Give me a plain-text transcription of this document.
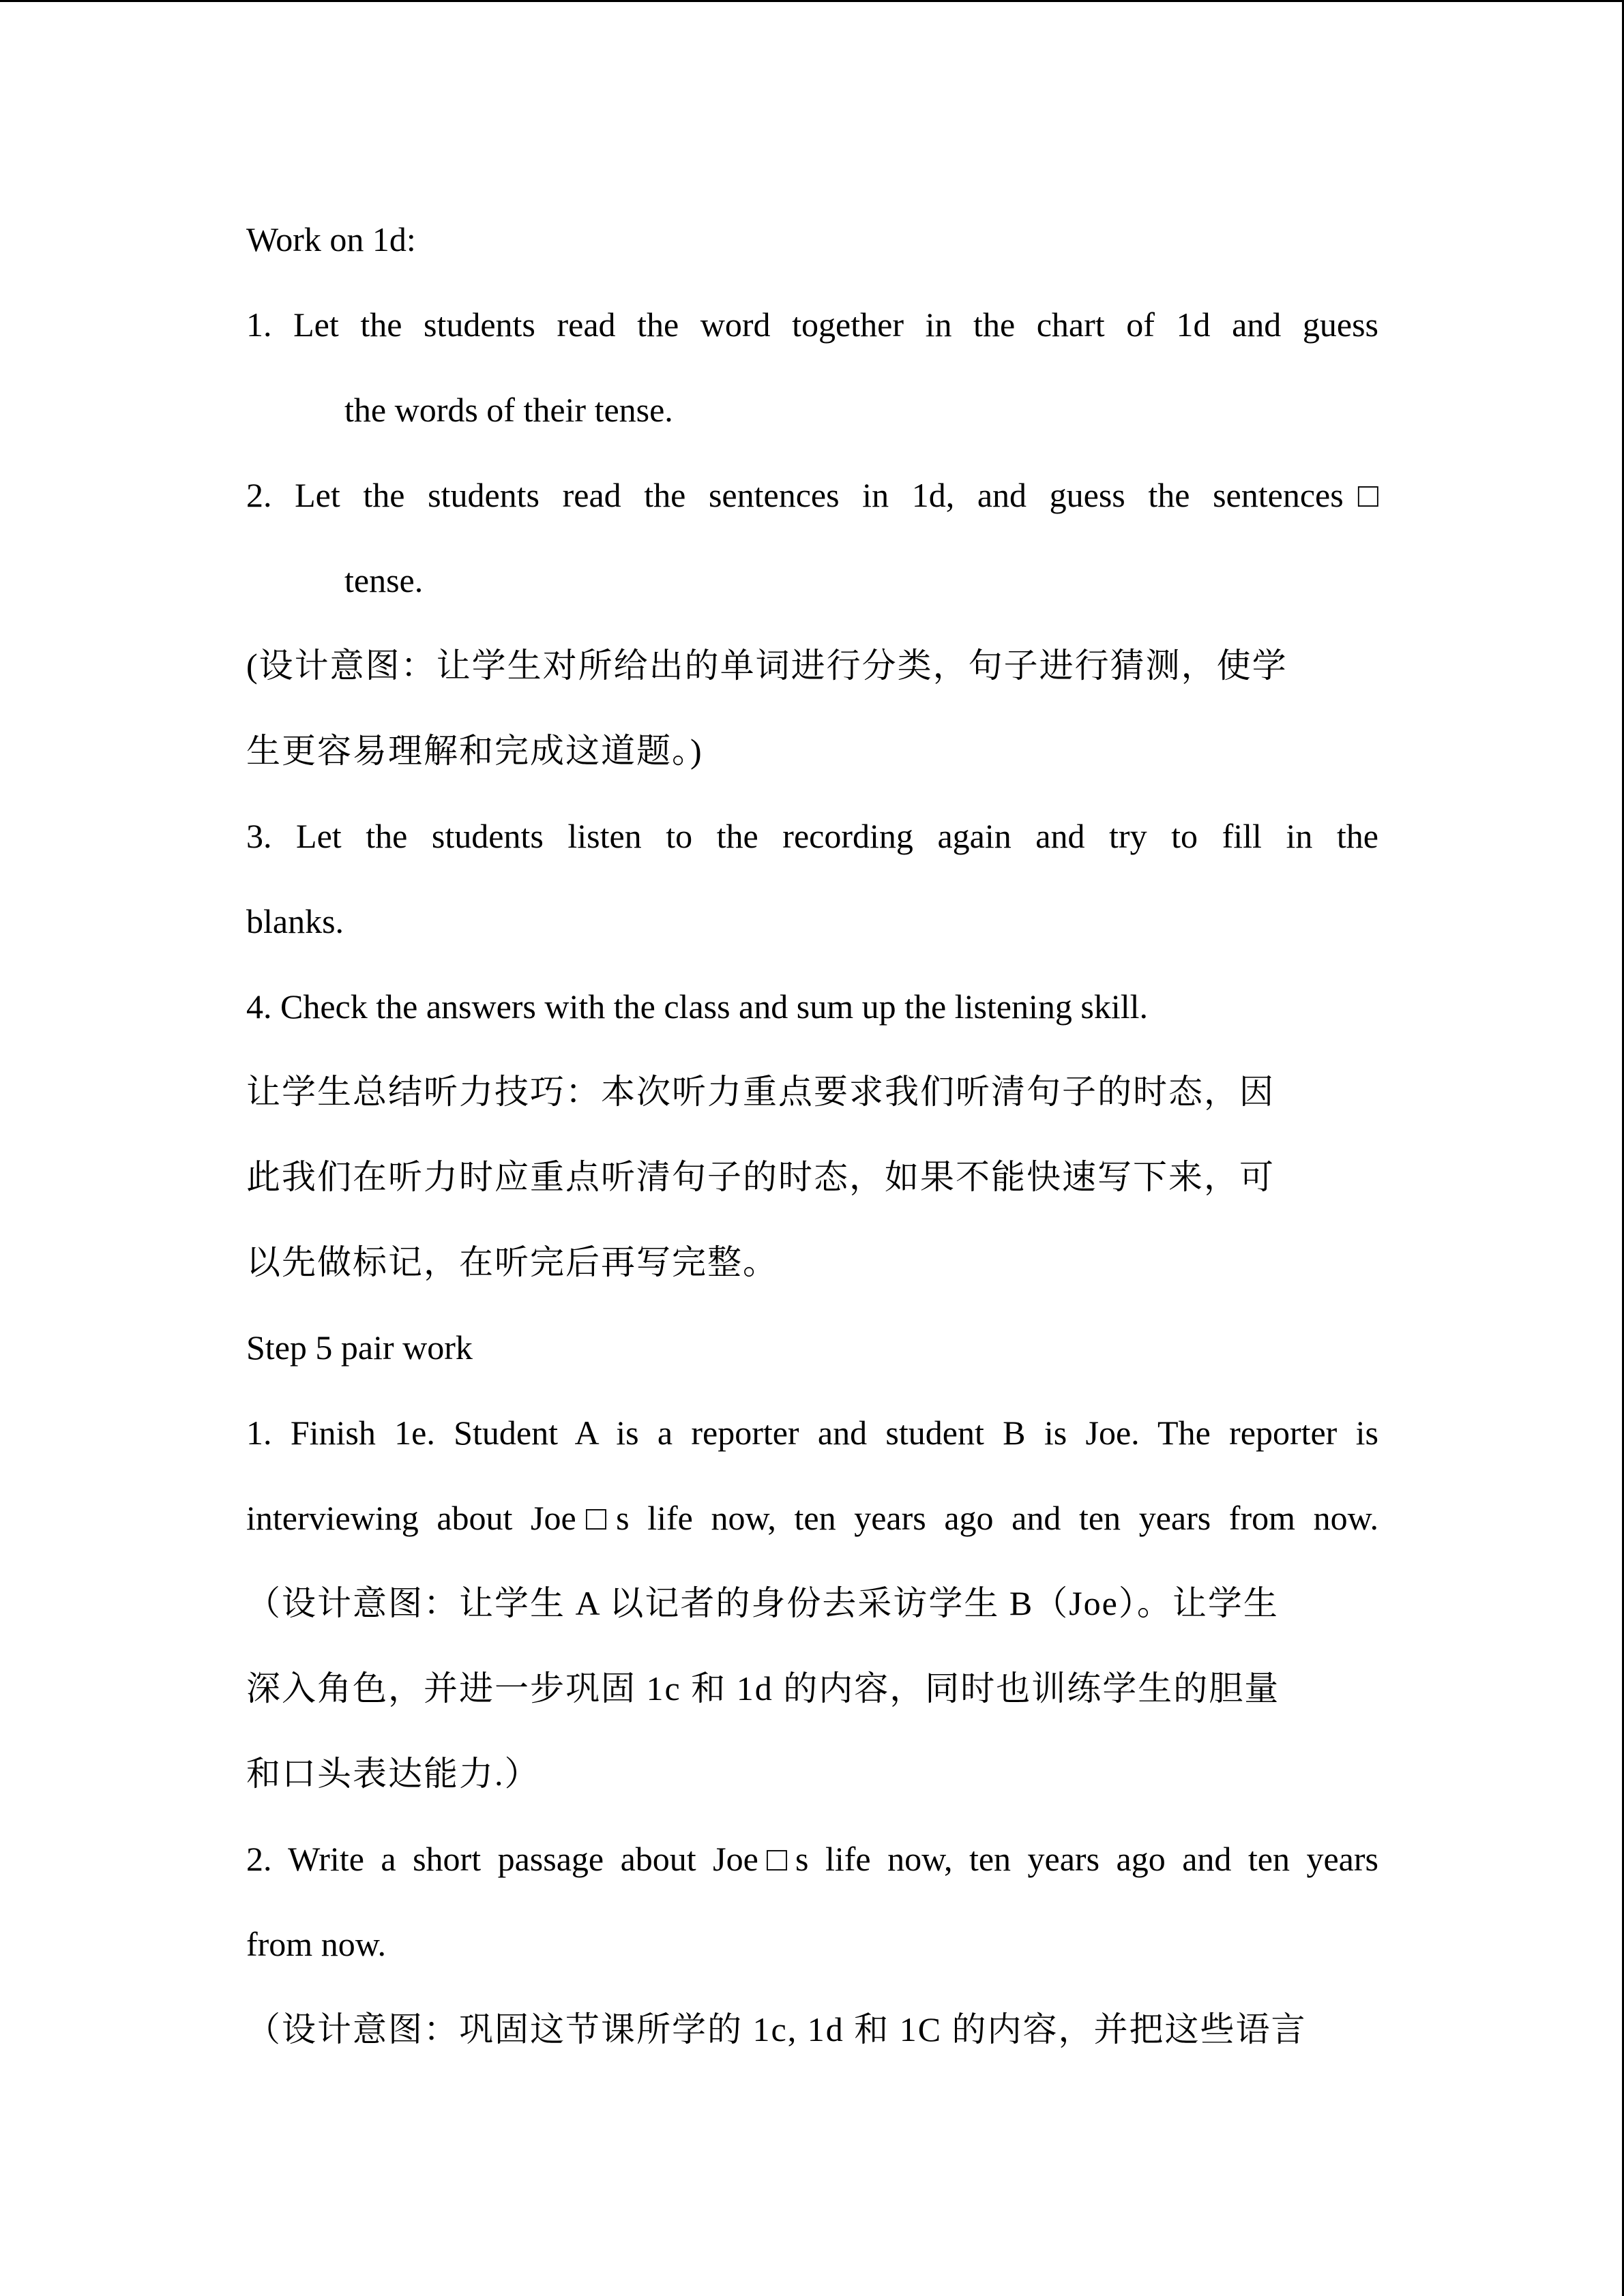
Work on 1d:
1. Let the students read the word together in the chart of 1d and guess
the words of their tense.
2. Let the students read the sentences in 1d, and guess the sentences□
tense.
(设计意图：让学生对所给出的单词进行分类，句子进行猜测，使学
生更容易理解和完成这道题。)
3. Let the students listen to the recording again and try to fill in the
blanks.
4. Check the answers with the class and sum up the listening skill.
让学生总结听力技巧：本次听力重点要求我们听清句子的时态，因
此我们在听力时应重点听清句子的时态，如果不能快速写下来，可
以先做标记，在听完后再写完整。
Step 5 pair work
1. Finish 1e. Student A is a reporter and student B is Joe. The reporter is
interviewing about Joe□s life now, ten years ago and ten years from now.
（设计意图：让学生 A 以记者的身份去采访学生 B（Joe）。让学生
深入角色，并进一步巩固 1c 和 1d 的内容，同时也训练学生的胆量
和口头表达能力.）
2. Write a short passage about Joe□s life now, ten years ago and ten years
from now.
（设计意图：巩固这节课所学的 1c, 1d 和 1C 的内容，并把这些语言
